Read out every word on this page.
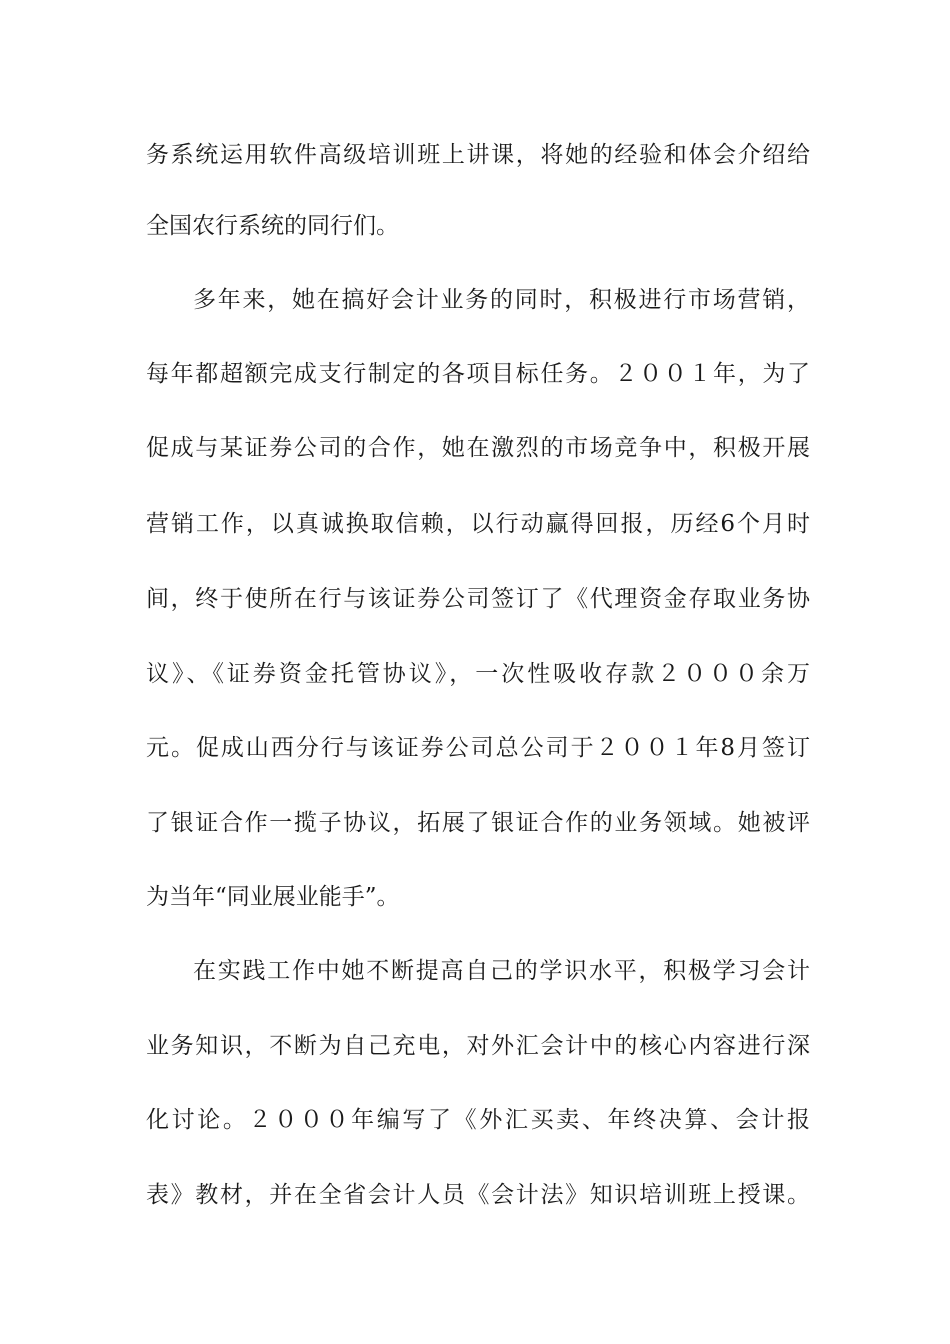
务系统运用软件高级培训班上讲课，将她的经验和体会介绍给
全国农行系统的同行们。
多年来，她在搞好会计业务的同时，积极进行市场营销，
每年都超额完成支行制定的各项目标任务。２００１年，为了
促成与某证券公司的合作，她在激烈的市场竞争中，积极开展
营销工作，以真诚换取信赖，以行动赢得回报，历经6个月时
间，终于使所在行与该证券公司签订了《代理资金存取业务协
议》、《证券资金托管协议》，一次性吸收存款２０００余万
元。促成山西分行与该证券公司总公司于２００１年8月签订
了银证合作一揽子协议，拓展了银证合作的业务领域。她被评
为当年“同业展业能手”。
在实践工作中她不断提高自己的学识水平，积极学习会计
业务知识，不断为自己充电，对外汇会计中的核心内容进行深
化讨论。２０００年编写了《外汇买卖、年终决算、会计报
表》教材，并在全省会计人员《会计法》知识培训班上授课。
